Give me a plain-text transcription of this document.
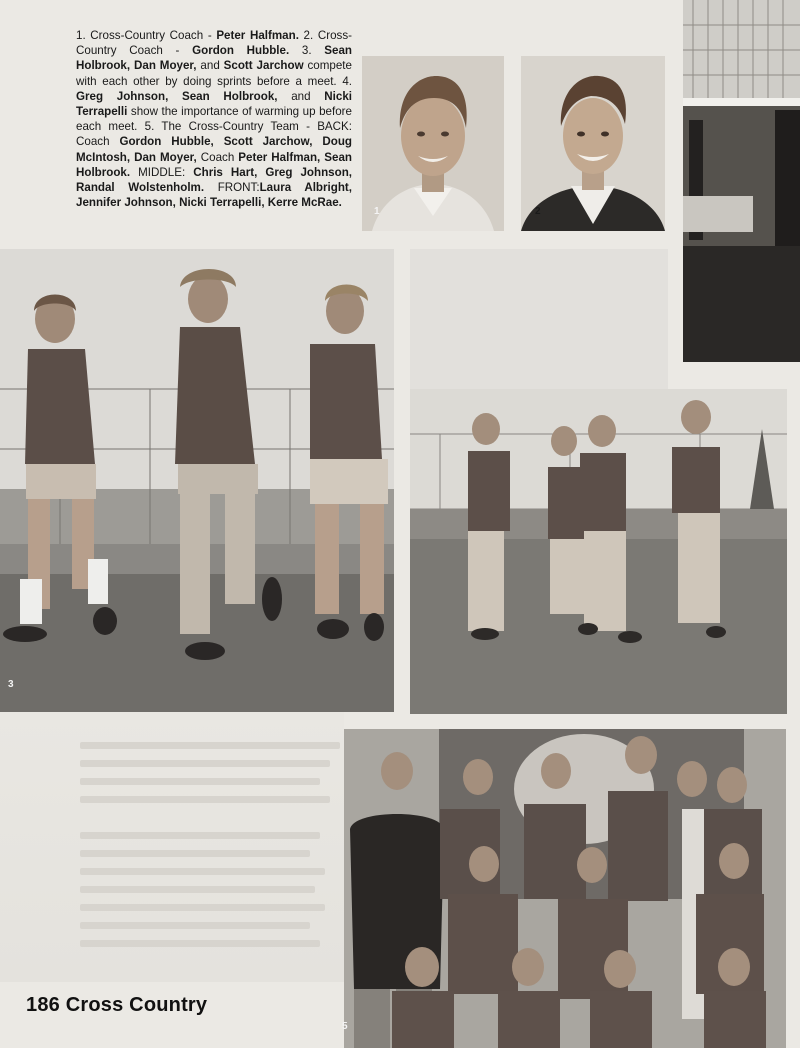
1. Cross-Country Coach - Peter Halfman. 2. Cross-Country Coach - Gordon Hubble. 3. Sean Holbrook, Dan Moyer, and Scott Jarchow compete with each other by doing sprints before a meet. 4. Greg Johnson, Sean Holbrook, and Nicki Terrapelli show the importance of warming up before each meet. 5. The Cross-Country Team - BACK: Coach Gordon Hubble, Scott Jarchow, Doug McIntosh, Dan Moyer, Coach Peter Halfman, Sean Holbrook. MIDDLE: Chris Hart, Greg Johnson, Randal Wolstenholm. FRONT:Laura Albright, Jennifer Johnson, Nicki Terrapelli, Kerre McRae.
1	2
3
5
186 Cross Country
